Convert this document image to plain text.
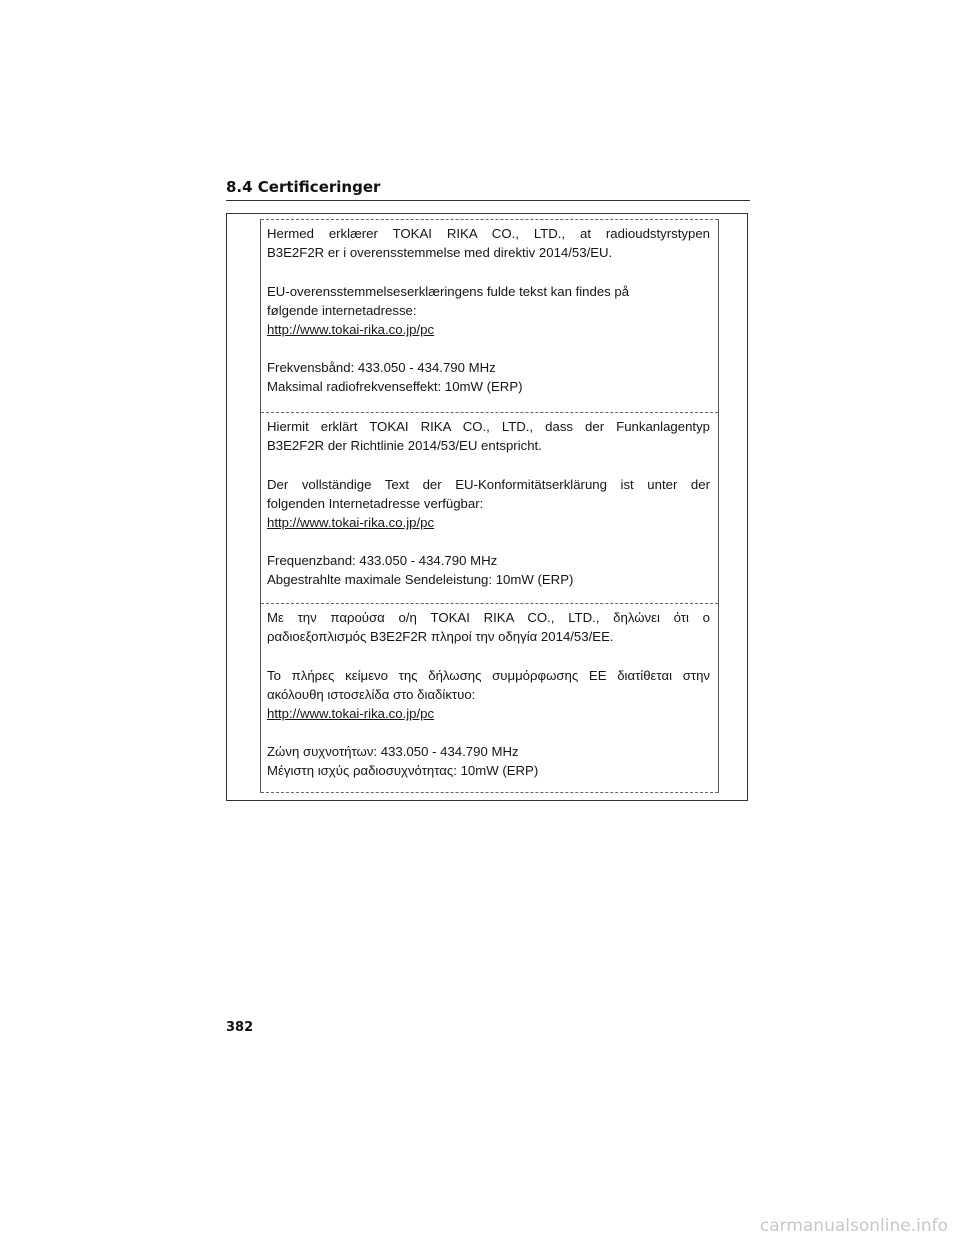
8.4 Certificeringer
Hermed erklærer TOKAI RIKA CO., LTD., at radioudstyrstypen
B3E2F2R er i overensstemmelse med direktiv 2014/53/EU.
EU-overensstemmelseserklæringens fulde tekst kan findes på
følgende internetadresse:
http://www.tokai-rika.co.jp/pc
Frekvensbånd: 433.050 - 434.790 MHz
Maksimal radiofrekvenseffekt: 10mW (ERP)
Hiermit erklärt TOKAI RIKA CO., LTD., dass der Funkanlagentyp
B3E2F2R der Richtlinie 2014/53/EU entspricht.
Der vollständige Text der EU-Konformitätserklärung ist unter der
folgenden Internetadresse verfügbar:
http://www.tokai-rika.co.jp/pc
Frequenzband: 433.050 - 434.790 MHz
Abgestrahlte maximale Sendeleistung: 10mW (ERP)
Με την παρούσα ο/η TOKAI RIKA CO., LTD., δηλώνει ότι ο
ραδιοεξοπλισμός B3E2F2R πληροί την οδηγία 2014/53/ΕΕ.
Το πλήρες κείμενο της δήλωσης συμμόρφωσης ΕΕ διατίθεται στην
ακόλουθη ιστοσελίδα στο διαδίκτυο:
http://www.tokai-rika.co.jp/pc
Ζώνη συχνοτήτων: 433.050 - 434.790 MHz
Μέγιστη ισχύς ραδιοσυχνότητας: 10mW (ERP)
382
carmanualsonline.info
